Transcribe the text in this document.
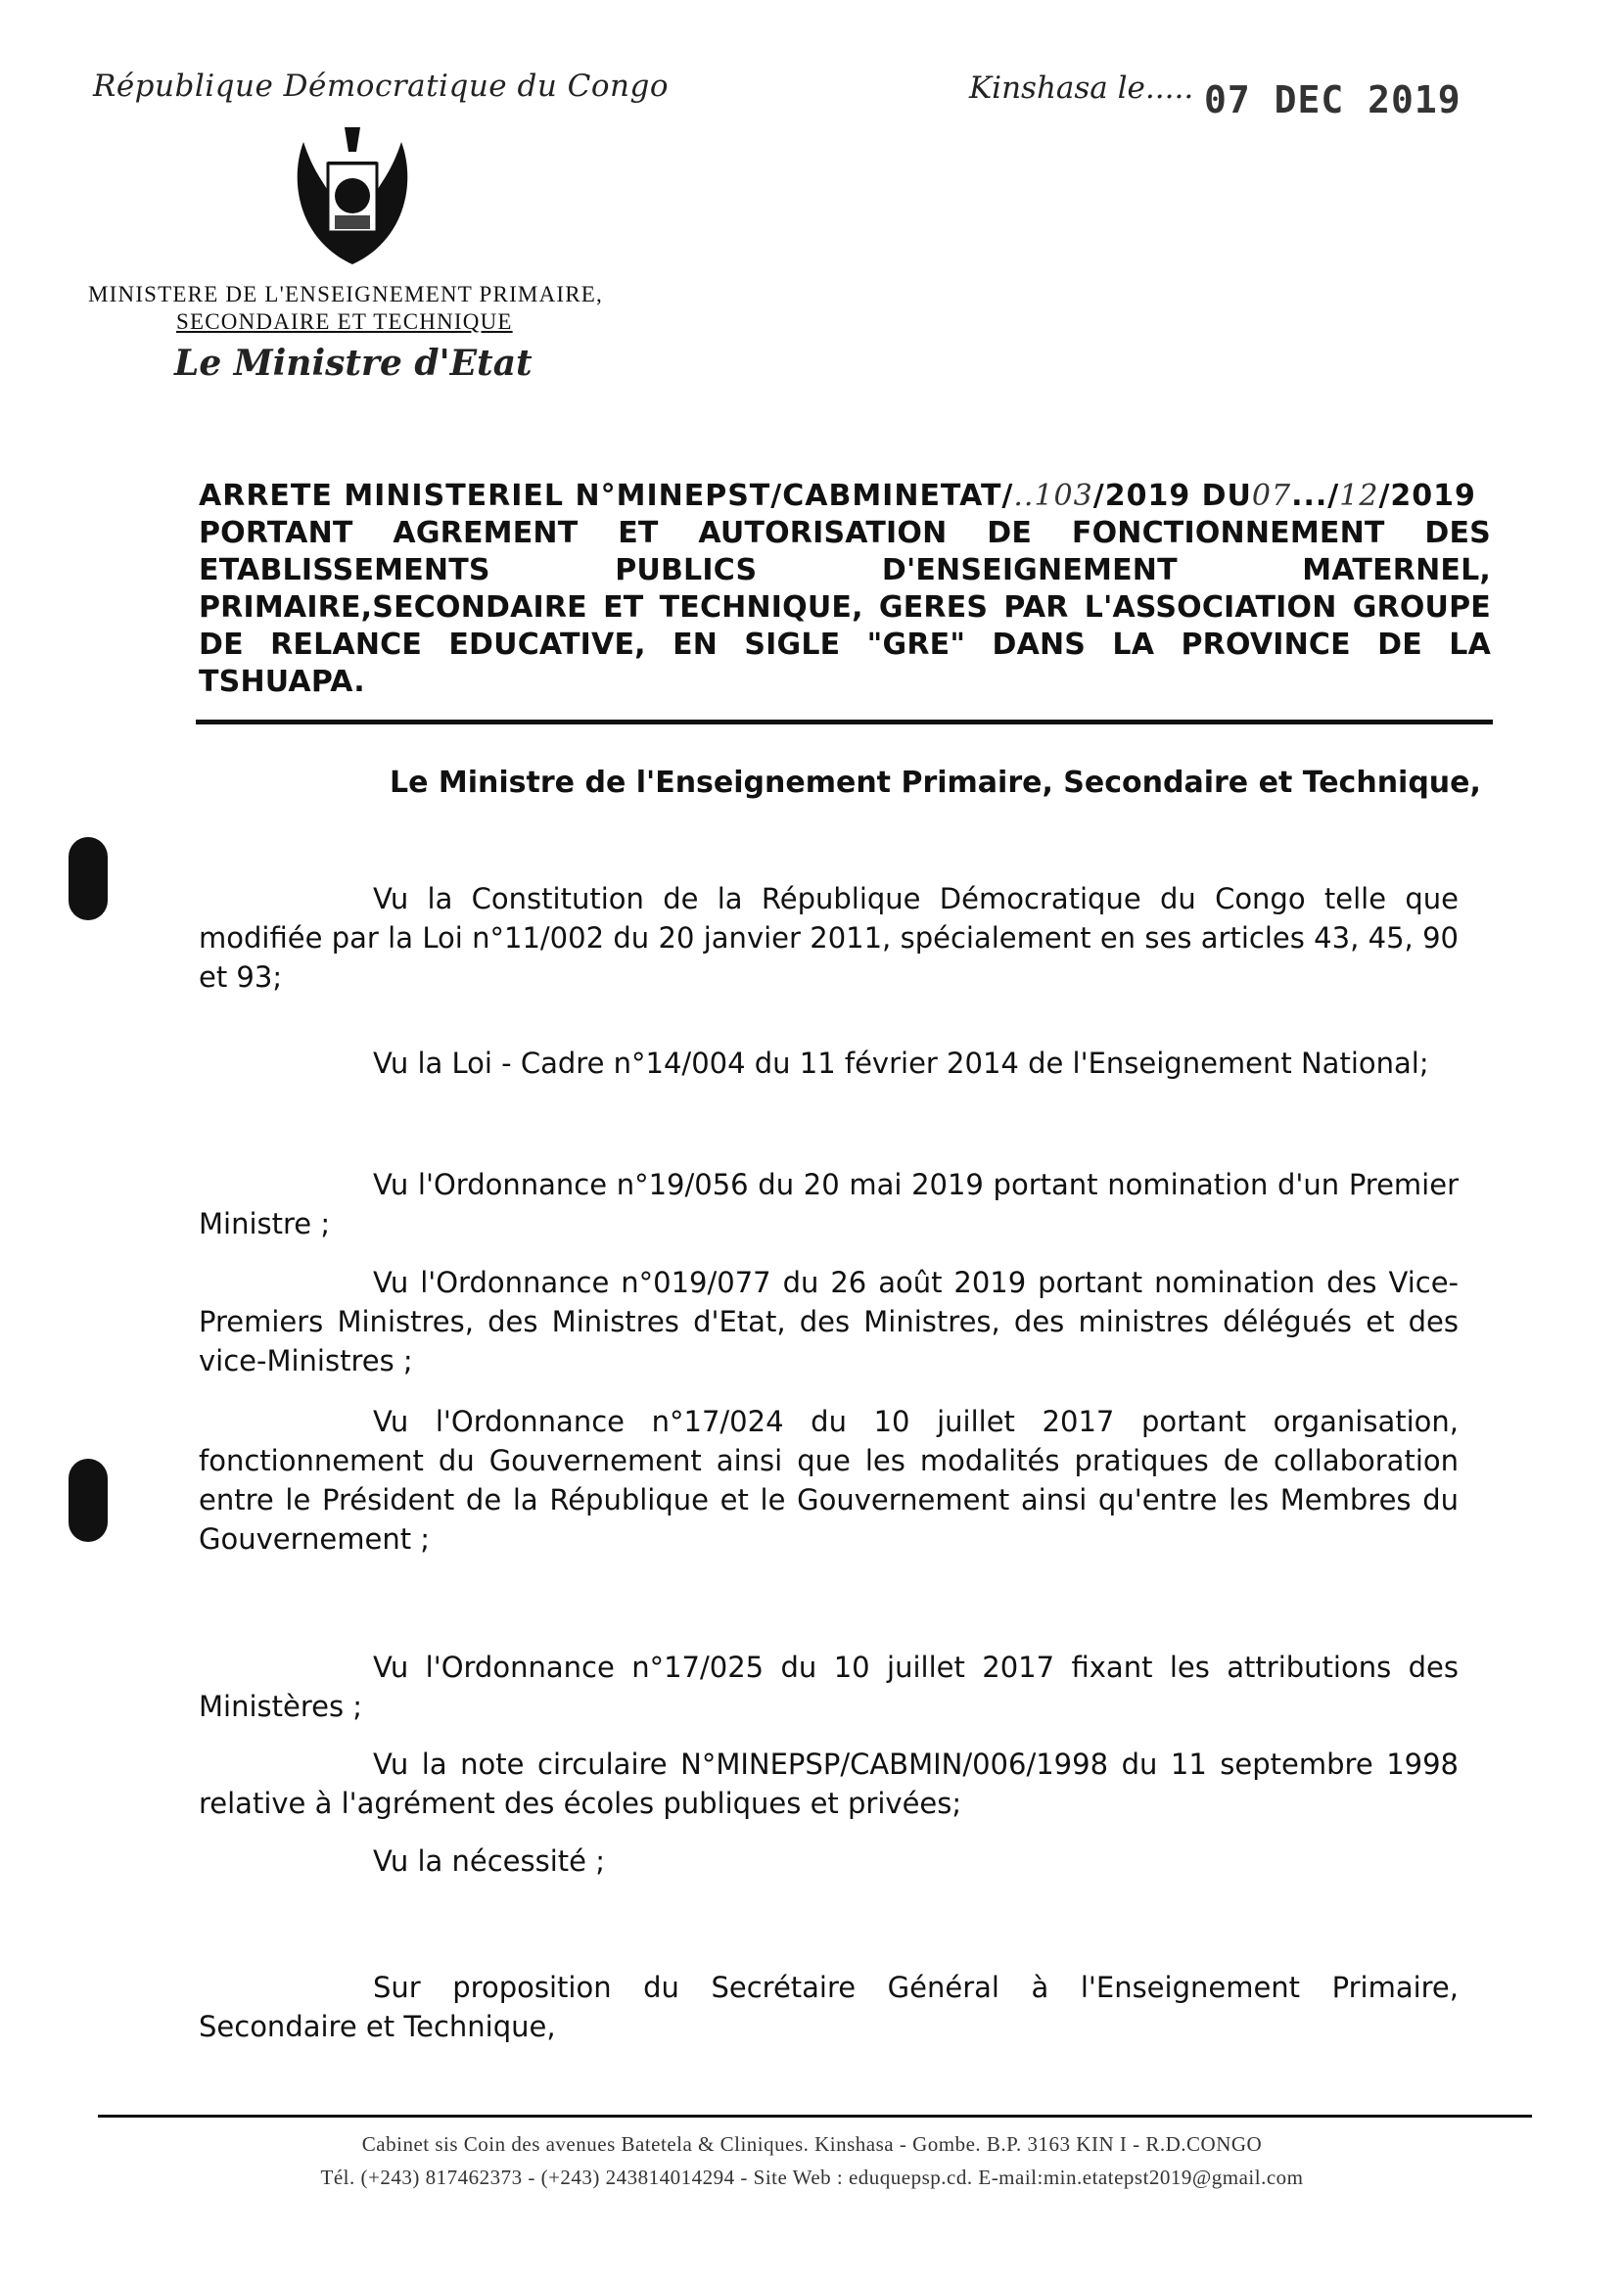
République Démocratique du Congo	Kinshasa le..... 07 DEC 2019
MINISTERE DE L'ENSEIGNEMENT PRIMAIRE,
SECONDAIRE ET TECHNIQUE
Le Ministre d'Etat
ARRETE MINISTERIEL N°MINEPST/CABMINETAT/..103/2019 DU07.../12/2019
PORTANT AGREMENT ET AUTORISATION DE FONCTIONNEMENT DES ETABLISSEMENTS PUBLICS D'ENSEIGNEMENT MATERNEL, PRIMAIRE,SECONDAIRE ET TECHNIQUE, GERES PAR L'ASSOCIATION GROUPE DE RELANCE EDUCATIVE, EN SIGLE "GRE" DANS LA PROVINCE DE LA TSHUAPA.
Le Ministre de l'Enseignement Primaire, Secondaire et Technique,
Vu la Constitution de la République Démocratique du Congo telle que modifiée par la Loi n°11/002 du 20 janvier 2011, spécialement en ses articles 43, 45, 90 et 93;
Vu la Loi - Cadre n°14/004 du 11 février 2014 de l'Enseignement National;
Vu l'Ordonnance n°19/056 du 20 mai 2019 portant nomination d'un Premier Ministre ;
Vu l'Ordonnance n°019/077 du 26 août 2019 portant nomination des Vice-Premiers Ministres, des Ministres d'Etat, des Ministres, des ministres délégués et des vice-Ministres ;
Vu l'Ordonnance n°17/024 du 10 juillet 2017 portant organisation, fonctionnement du Gouvernement ainsi que les modalités pratiques de collaboration entre le Président de la République et le Gouvernement ainsi qu'entre les Membres du Gouvernement ;
Vu l'Ordonnance n°17/025 du 10 juillet 2017 fixant les attributions des Ministères ;
Vu la note circulaire N°MINEPSP/CABMIN/006/1998 du 11 septembre 1998 relative à l'agrément des écoles publiques et privées;
Vu la nécessité ;
Sur proposition du Secrétaire Général à l'Enseignement Primaire, Secondaire et Technique,
Cabinet sis Coin des avenues Batetela & Cliniques. Kinshasa - Gombe. B.P. 3163 KIN I - R.D.CONGO
Tél. (+243) 817462373 - (+243) 243814014294 - Site Web : eduquepsp.cd. E-mail:min.etatepst2019@gmail.com
